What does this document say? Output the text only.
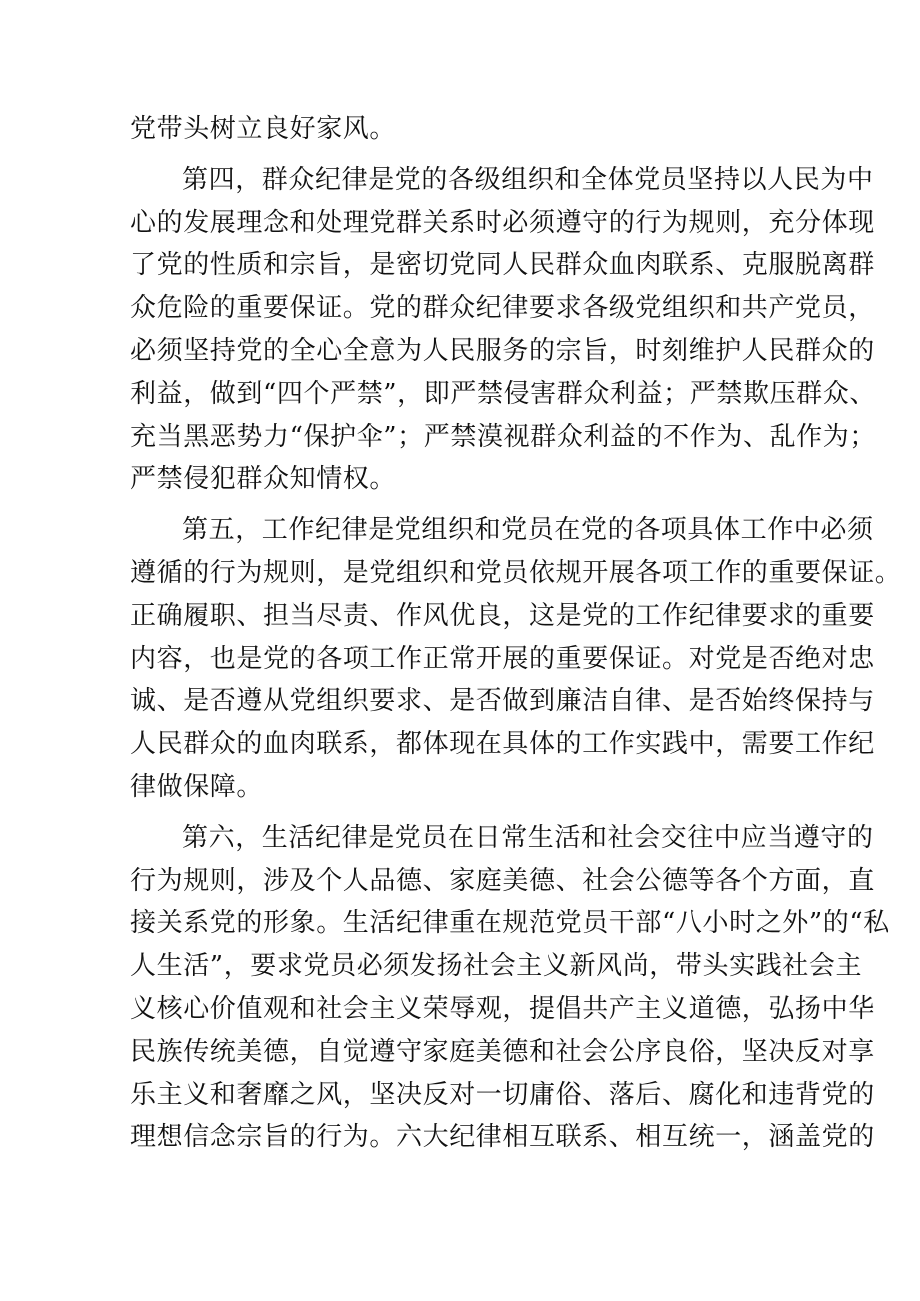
党带头树立良好家风。
第四，群众纪律是党的各级组织和全体党员坚持以人民为中
心的发展理念和处理党群关系时必须遵守的行为规则，充分体现
了党的性质和宗旨，是密切党同人民群众血肉联系、克服脱离群
众危险的重要保证。党的群众纪律要求各级党组织和共产党员，
必须坚持党的全心全意为人民服务的宗旨，时刻维护人民群众的
利益，做到“四个严禁”，即严禁侵害群众利益；严禁欺压群众、
充当黑恶势力“保护伞”；严禁漠视群众利益的不作为、乱作为；
严禁侵犯群众知情权。
第五，工作纪律是党组织和党员在党的各项具体工作中必须
遵循的行为规则，是党组织和党员依规开展各项工作的重要保证。
正确履职、担当尽责、作风优良，这是党的工作纪律要求的重要
内容，也是党的各项工作正常开展的重要保证。对党是否绝对忠
诚、是否遵从党组织要求、是否做到廉洁自律、是否始终保持与
人民群众的血肉联系，都体现在具体的工作实践中，需要工作纪
律做保障。
第六，生活纪律是党员在日常生活和社会交往中应当遵守的
行为规则，涉及个人品德、家庭美德、社会公德等各个方面，直
接关系党的形象。生活纪律重在规范党员干部“八小时之外”的“私
人生活”，要求党员必须发扬社会主义新风尚，带头实践社会主
义核心价值观和社会主义荣辱观，提倡共产主义道德，弘扬中华
民族传统美德，自觉遵守家庭美德和社会公序良俗，坚决反对享
乐主义和奢靡之风，坚决反对一切庸俗、落后、腐化和违背党的
理想信念宗旨的行为。六大纪律相互联系、相互统一，涵盖党的
